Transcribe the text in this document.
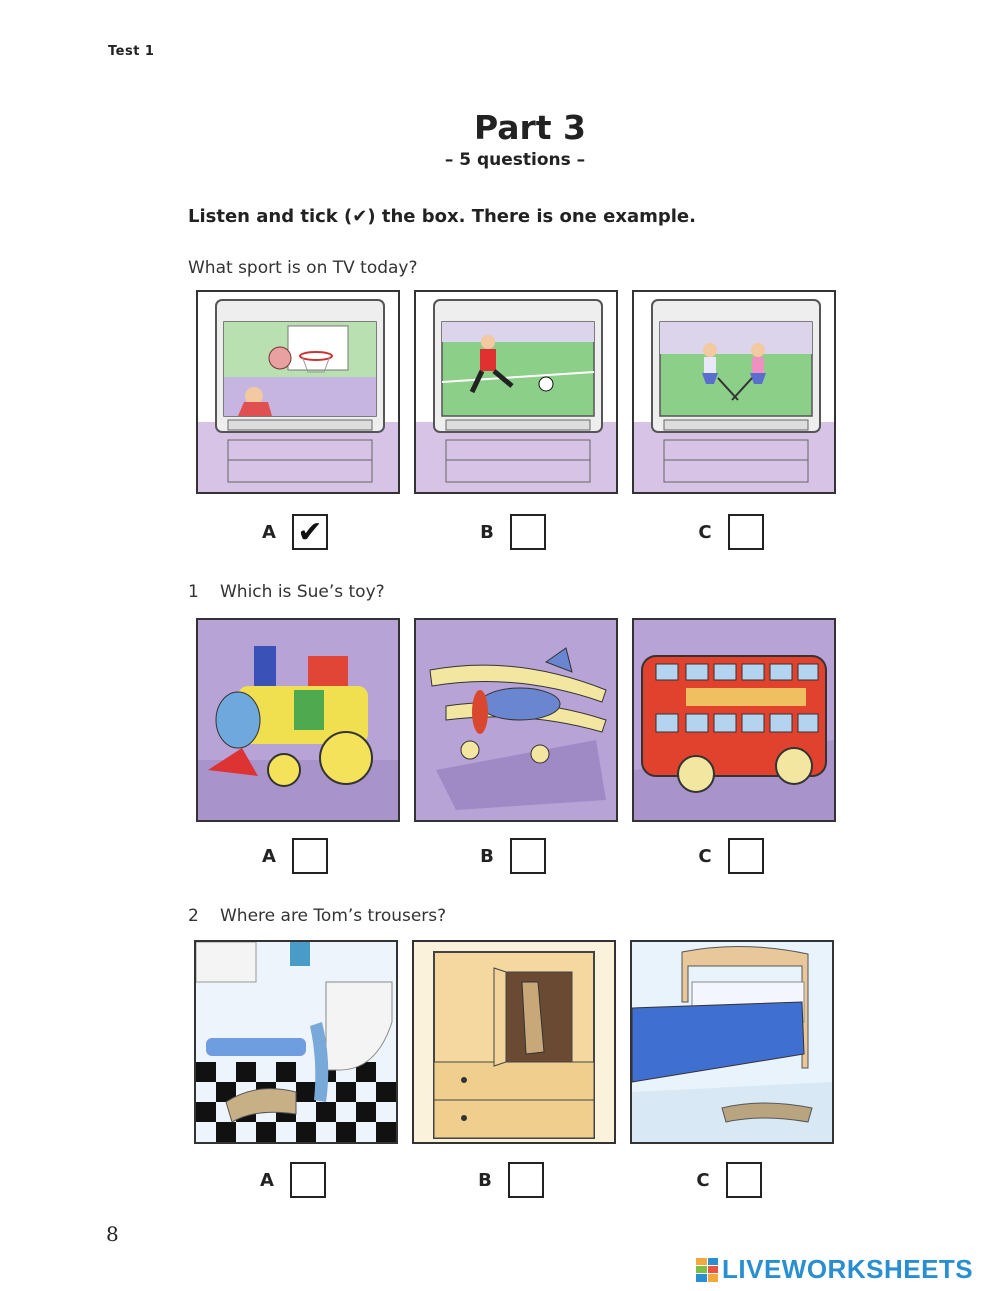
Test 1
Part 3
– 5 questions –
Listen and tick (✔) the box. There is one example.
What sport is on TV today?
A ✔	B	C
1 Which is Sue’s toy?
A	B	C
2 Where are Tom’s trousers?
A	B	C
8
LIVEWORKSHEETS
